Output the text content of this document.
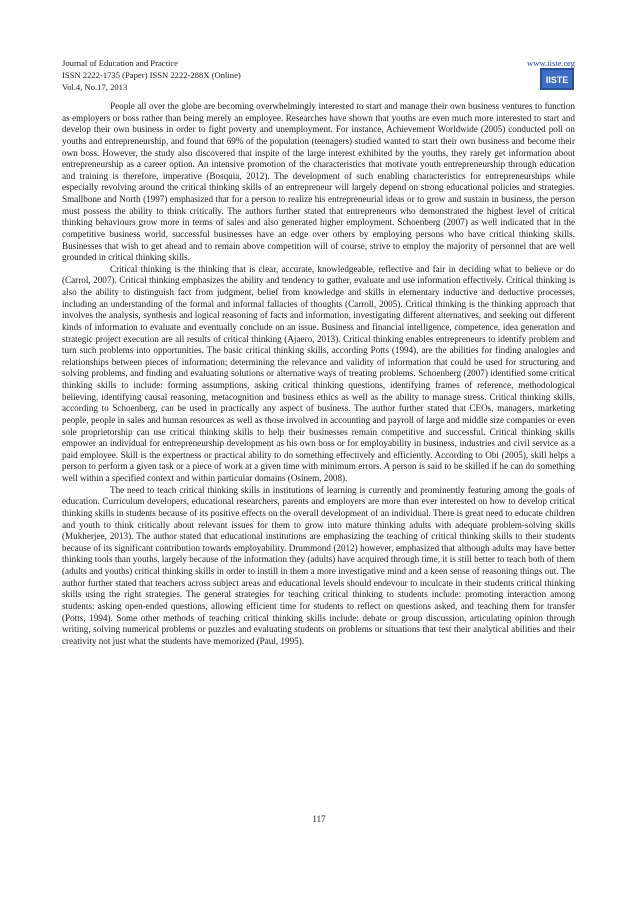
Journal of Education and Practice	www.iiste.org
ISSN 2222-1735 (Paper) ISSN 2222-288X (Online)
Vol.4, No.17, 2013
IISTE

People all over the globe are becoming overwhelmingly interested to start and manage their own business ventures to function as employers or boss rather than being merely an employee. Researches have shown that youths are even much more interested to start and develop their own business in order to fight poverty and unemployment. For instance, Achievement Worldwide (2005) conducted poll on youths and entrepreneurship, and found that 69% of the population (teenagers) studied wanted to start their own business and become their own boss. However, the study also discovered that inspite of the large interest exhibited by the youths, they rarely get information about entrepreneurship as a career option. An intensive promotion of the characteristics that motivate youth entrepreneurship through education and training is therefore, imperative (Bosquia, 2012). The development of such enabling characteristics for entrepreneurships while especially revolving around the critical thinking skills of an entrepreneur will largely depend on strong educational policies and strategies. Smallbone and North (1997) emphasized that for a person to realize his entrepreneurial ideas or to grow and sustain in business, the person must possess the ability to think critically. The authors further stated that entrepreneurs who demonstrated the highest level of critical thinking behaviours grow more in terms of sales and also generated higher employment. Schoenberg (2007) as well indicated that in the competitive business world, successful businesses have an edge over others by employing persons who have critical thinking skills. Businesses that wish to get ahead and to remain above competition will of course, strive to employ the majority of personnel that are well grounded in critical thinking skills.

Critical thinking is the thinking that is clear, accurate, knowledgeable, reflective and fair in deciding what to believe or do (Carrol, 2007). Critical thinking emphasizes the ability and tendency to gather, evaluate and use information effectively. Critical thinking is also the ability to distinguish fact from judgment, belief from knowledge and skills in elementary inductive and deductive processes, including an understanding of the formal and informal fallacies of thoughts (Carroll, 2005). Critical thinking is the thinking approach that involves the analysis, synthesis and logical reasoning of facts and information, investigating different alternatives, and seeking out different kinds of information to evaluate and eventually conclude on an issue. Business and financial intelligence, competence, idea generation and strategic project execution are all results of critical thinking (Ajaero, 2013). Critical thinking enables entrepreneurs to identify problem and turn such problems into opportunities. The basic critical thinking skills, according Potts (1994), are the abilities for finding analogies and relationships between pieces of information; determining the relevance and validity of information that could be used for structuring and solving problems, and finding and evaluating solutions or alternative ways of treating problems. Schoenberg (2007) identified some critical thinking skills to include: forming assumptions, asking critical thinking questions, identifying frames of reference, methodological believing, identifying causal reasoning, metacognition and business ethics as well as the ability to manage stress. Critical thinking skills, according to Schoenberg, can be used in practically any aspect of business. The author further stated that CEOs, managers, marketing people, people in sales and human resources as well as those involved in accounting and payroll of large and middle size companies or even sole proprietorship can use critical thinking skills to help their businesses remain competitive and successful. Critical thinking skills empower an individual for entrepreneurship development as his own boss or for employability in business, industries and civil service as a paid employee. Skill is the expertness or practical ability to do something effectively and efficiently. According to Obi (2005), skill helps a person to perform a given task or a piece of work at a given time with minimum errors. A person is said to be skilled if he can do something well within a specified context and within particular domains (Osinem, 2008).

The need to teach critical thinking skills in institutions of learning is currently and prominently featuring among the goals of education. Curriculum developers, educational researchers, parents and employers are more than ever interested on how to develop critical thinking skills in students because of its positive effects on the overall development of an individual. There is great need to educate children and youth to think critically about relevant issues for them to grow into mature thinking adults with adequate problem-solving skills (Mukherjee, 2013). The author stated that educational institutions are emphasizing the teaching of critical thinking skills to their students because of its significant contribution towards employability. Drummond (2012) however, emphasized that although adults may have better thinking tools than youths, largely because of the information they (adults) have acquired through time, it is still better to teach both of them (adults and youths) critical thinking skills in order to instill in them a more investigative mind and a keen sense of reasoning things out. The author further stated that teachers across subject areas and educational levels should endevour to inculcate in their students critical thinking skills using the right strategies. The general strategies for teaching critical thinking to students include: promoting interaction among students; asking open-ended questions, allowing efficient time for students to reflect on questions asked, and teaching them for transfer (Potts, 1994). Some other methods of teaching critical thinking skills include: debate or group discussion, articulating opinion through writing, solving numerical problems or puzzles and evaluating students on problems or situations that test their analytical abilities and their creativity not just what the students have memorized (Paul, 1995).

117
